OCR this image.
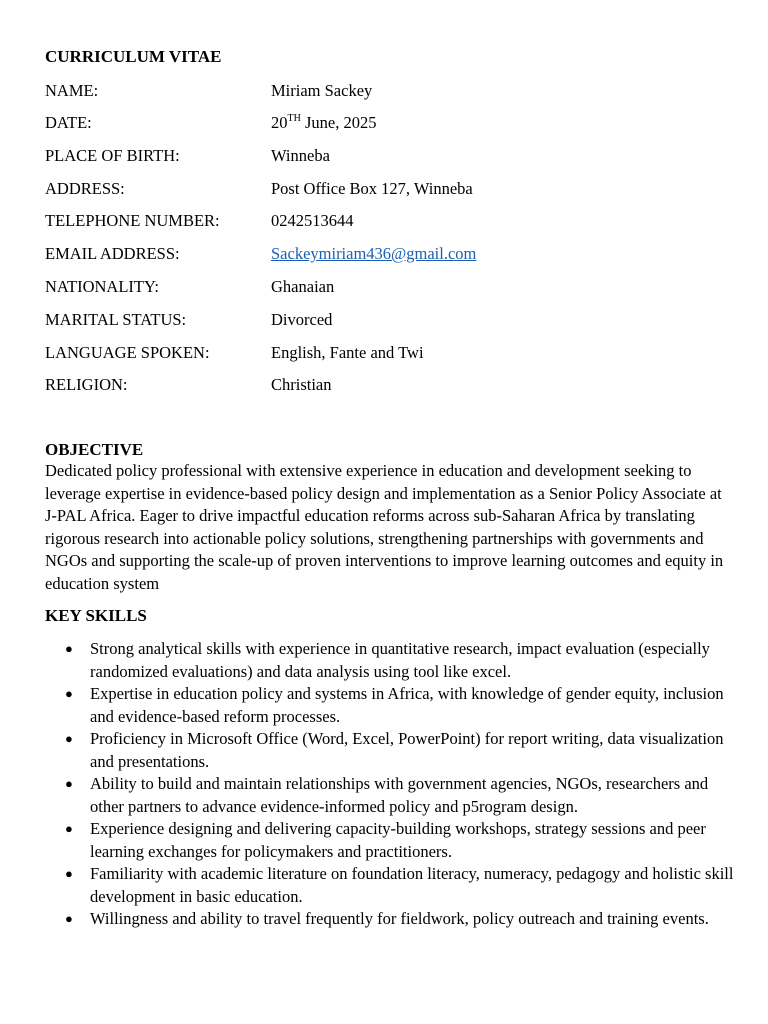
CURRICULUM VITAE
NAME:	Miriam Sackey
DATE:	20TH June, 2025
PLACE OF BIRTH:	Winneba
ADDRESS:	Post Office Box 127, Winneba
TELEPHONE NUMBER:	0242513644
EMAIL ADDRESS:	Sackeymiriam436@gmail.com
NATIONALITY:	Ghanaian
MARITAL STATUS:	Divorced
LANGUAGE SPOKEN:	English, Fante and Twi
RELIGION:	Christian
OBJECTIVE

Dedicated policy professional with extensive experience in education and development seeking to leverage expertise in evidence-based policy design and implementation as a Senior Policy Associate at J-PAL Africa. Eager to drive impactful education reforms across sub-Saharan Africa by translating rigorous research into actionable policy solutions, strengthening partnerships with governments and NGOs and supporting the scale-up of proven interventions to improve learning outcomes and equity in education system

KEY SKILLS
● Strong analytical skills with experience in quantitative research, impact evaluation (especially randomized evaluations) and data analysis using tool like excel.
● Expertise in education policy and systems in Africa, with knowledge of gender equity, inclusion and evidence-based reform processes.
● Proficiency in Microsoft Office (Word, Excel, PowerPoint) for report writing, data visualization and presentations.
● Ability to build and maintain relationships with government agencies, NGOs, researchers and other partners to advance evidence-informed policy and p5rogram design.
● Experience designing and delivering capacity-building workshops, strategy sessions and peer learning exchanges for policymakers and practitioners.
● Familiarity with academic literature on foundation literacy, numeracy, pedagogy and holistic skill development in basic education.
● Willingness and ability to travel frequently for fieldwork, policy outreach and training events.
